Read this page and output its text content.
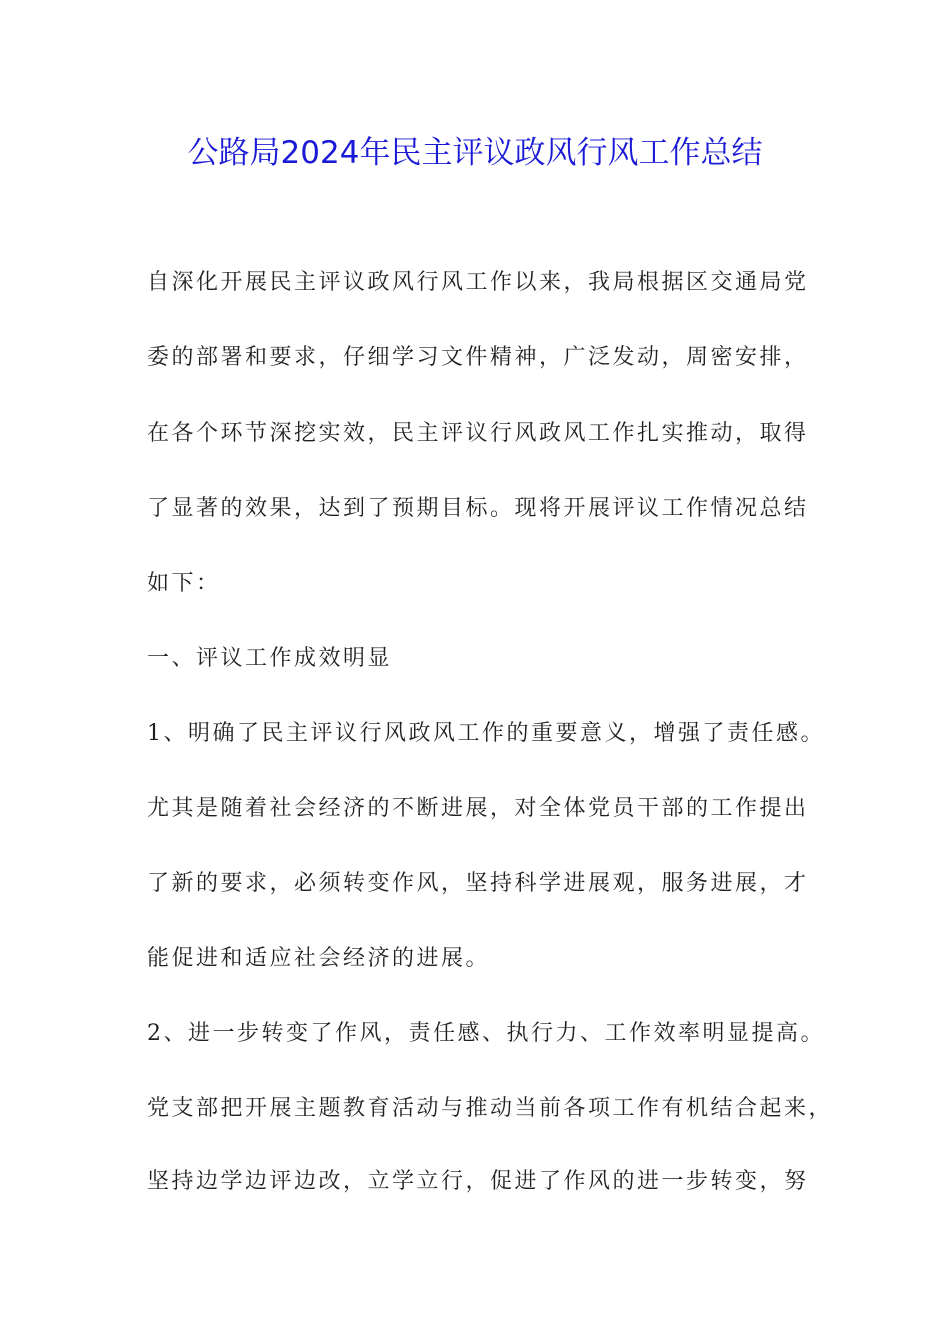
公路局2024年民主评议政风行风工作总结
自深化开展民主评议政风行风工作以来，我局根据区交通局党
委的部署和要求，仔细学习文件精神，广泛发动，周密安排，
在各个环节深挖实效，民主评议行风政风工作扎实推动，取得
了显著的效果，达到了预期目标。现将开展评议工作情况总结
如下：
一、评议工作成效明显
1、明确了民主评议行风政风工作的重要意义，增强了责任感。
尤其是随着社会经济的不断进展，对全体党员干部的工作提出
了新的要求，必须转变作风，坚持科学进展观，服务进展，才
能促进和适应社会经济的进展。
2、进一步转变了作风，责任感、执行力、工作效率明显提高。
党支部把开展主题教育活动与推动当前各项工作有机结合起来，
坚持边学边评边改，立学立行，促进了作风的进一步转变，努
